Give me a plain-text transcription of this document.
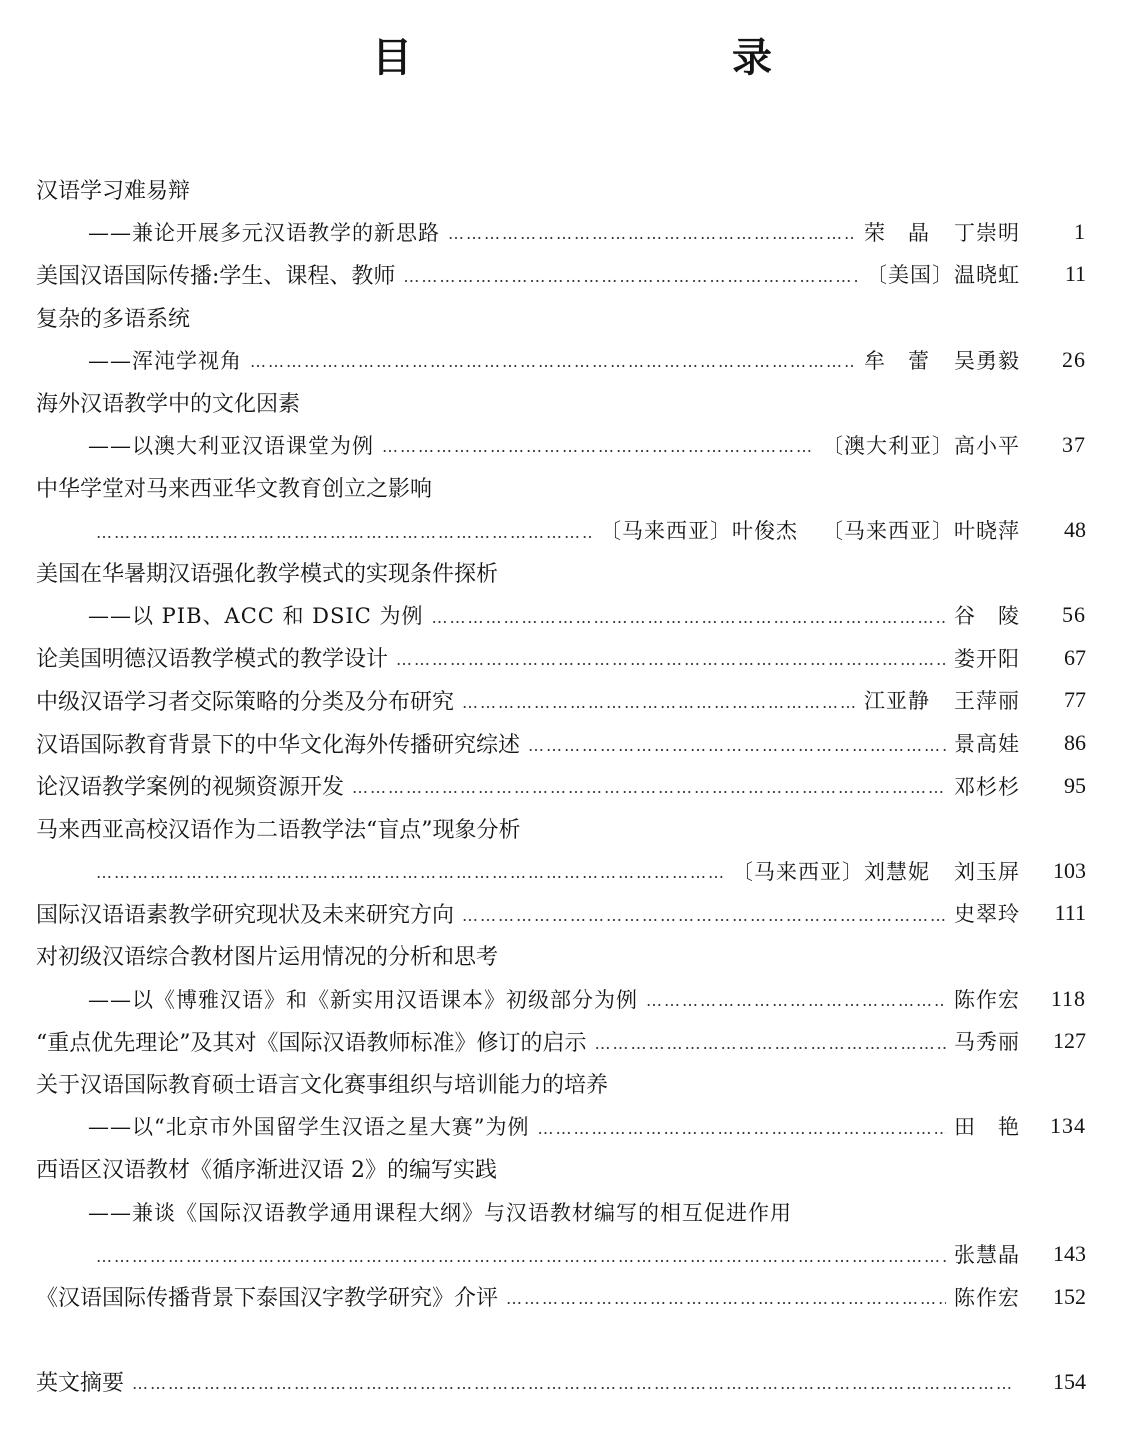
目　　录
汉语学习难易辩
——兼论开展多元汉语教学的新思路 ……………………………………………………………………………………………………………………………………………………………………………………………………	荣　晶 丁崇明	1
美国汉语国际传播:学生、课程、教师 ……………………………………………………………………………………………………………………………………………………………………………………………………	〔美国〕温晓虹	11
复杂的多语系统
——浑沌学视角 ……………………………………………………………………………………………………………………………………………………………………………………………………	牟　蕾 吴勇毅	26
海外汉语教学中的文化因素
——以澳大利亚汉语课堂为例 ……………………………………………………………………………………………………………………………………………………………………………………………………	〔澳大利亚〕高小平	37
中华学堂对马来西亚华文教育创立之影响
……………………………………………………………………………………………………………………………………………………………………………………………………
〔马来西亚〕叶俊杰 〔马来西亚〕叶晓萍	48
美国在华暑期汉语强化教学模式的实现条件探析
——以 PIB、ACC 和 DSIC 为例 ……………………………………………………………………………………………………………………………………………………………………………………………………	谷　陵	56
论美国明德汉语教学模式的教学设计 ……………………………………………………………………………………………………………………………………………………………………………………………………	娄开阳	67
中级汉语学习者交际策略的分类及分布研究 ……………………………………………………………………………………………………………………………………………………………………………………………………	江亚静 王萍丽	77
汉语国际教育背景下的中华文化海外传播研究综述 ……………………………………………………………………………………………………………………………………………………………………………………………………	景高娃	86
论汉语教学案例的视频资源开发 ……………………………………………………………………………………………………………………………………………………………………………………………………	邓杉杉	95
马来西亚高校汉语作为二语教学法“盲点”现象分析
……………………………………………………………………………………………………………………………………………………………………………………………………
〔马来西亚〕刘慧妮 刘玉屏	103
国际汉语语素教学研究现状及未来研究方向 ……………………………………………………………………………………………………………………………………………………………………………………………………	史翠玲	111
对初级汉语综合教材图片运用情况的分析和思考
——以《博雅汉语》和《新实用汉语课本》初级部分为例 ……………………………………………………………………………………………………………………………………………………………………………………………………	陈作宏	118
“重点优先理论”及其对《国际汉语教师标准》修订的启示 ……………………………………………………………………………………………………………………………………………………………………………………………………	马秀丽	127
关于汉语国际教育硕士语言文化赛事组织与培训能力的培养
——以“北京市外国留学生汉语之星大赛”为例 ……………………………………………………………………………………………………………………………………………………………………………………………………	田　艳	134
西语区汉语教材《循序渐进汉语 2》的编写实践
——兼谈《国际汉语教学通用课程大纲》与汉语教材编写的相互促进作用
……………………………………………………………………………………………………………………………………………………………………………………………………
张慧晶	143
《汉语国际传播背景下泰国汉字教学研究》介评 ……………………………………………………………………………………………………………………………………………………………………………………………………	陈作宏	152
英文摘要 ……………………………………………………………………………………………………………………………………………………………………………………………………	154
